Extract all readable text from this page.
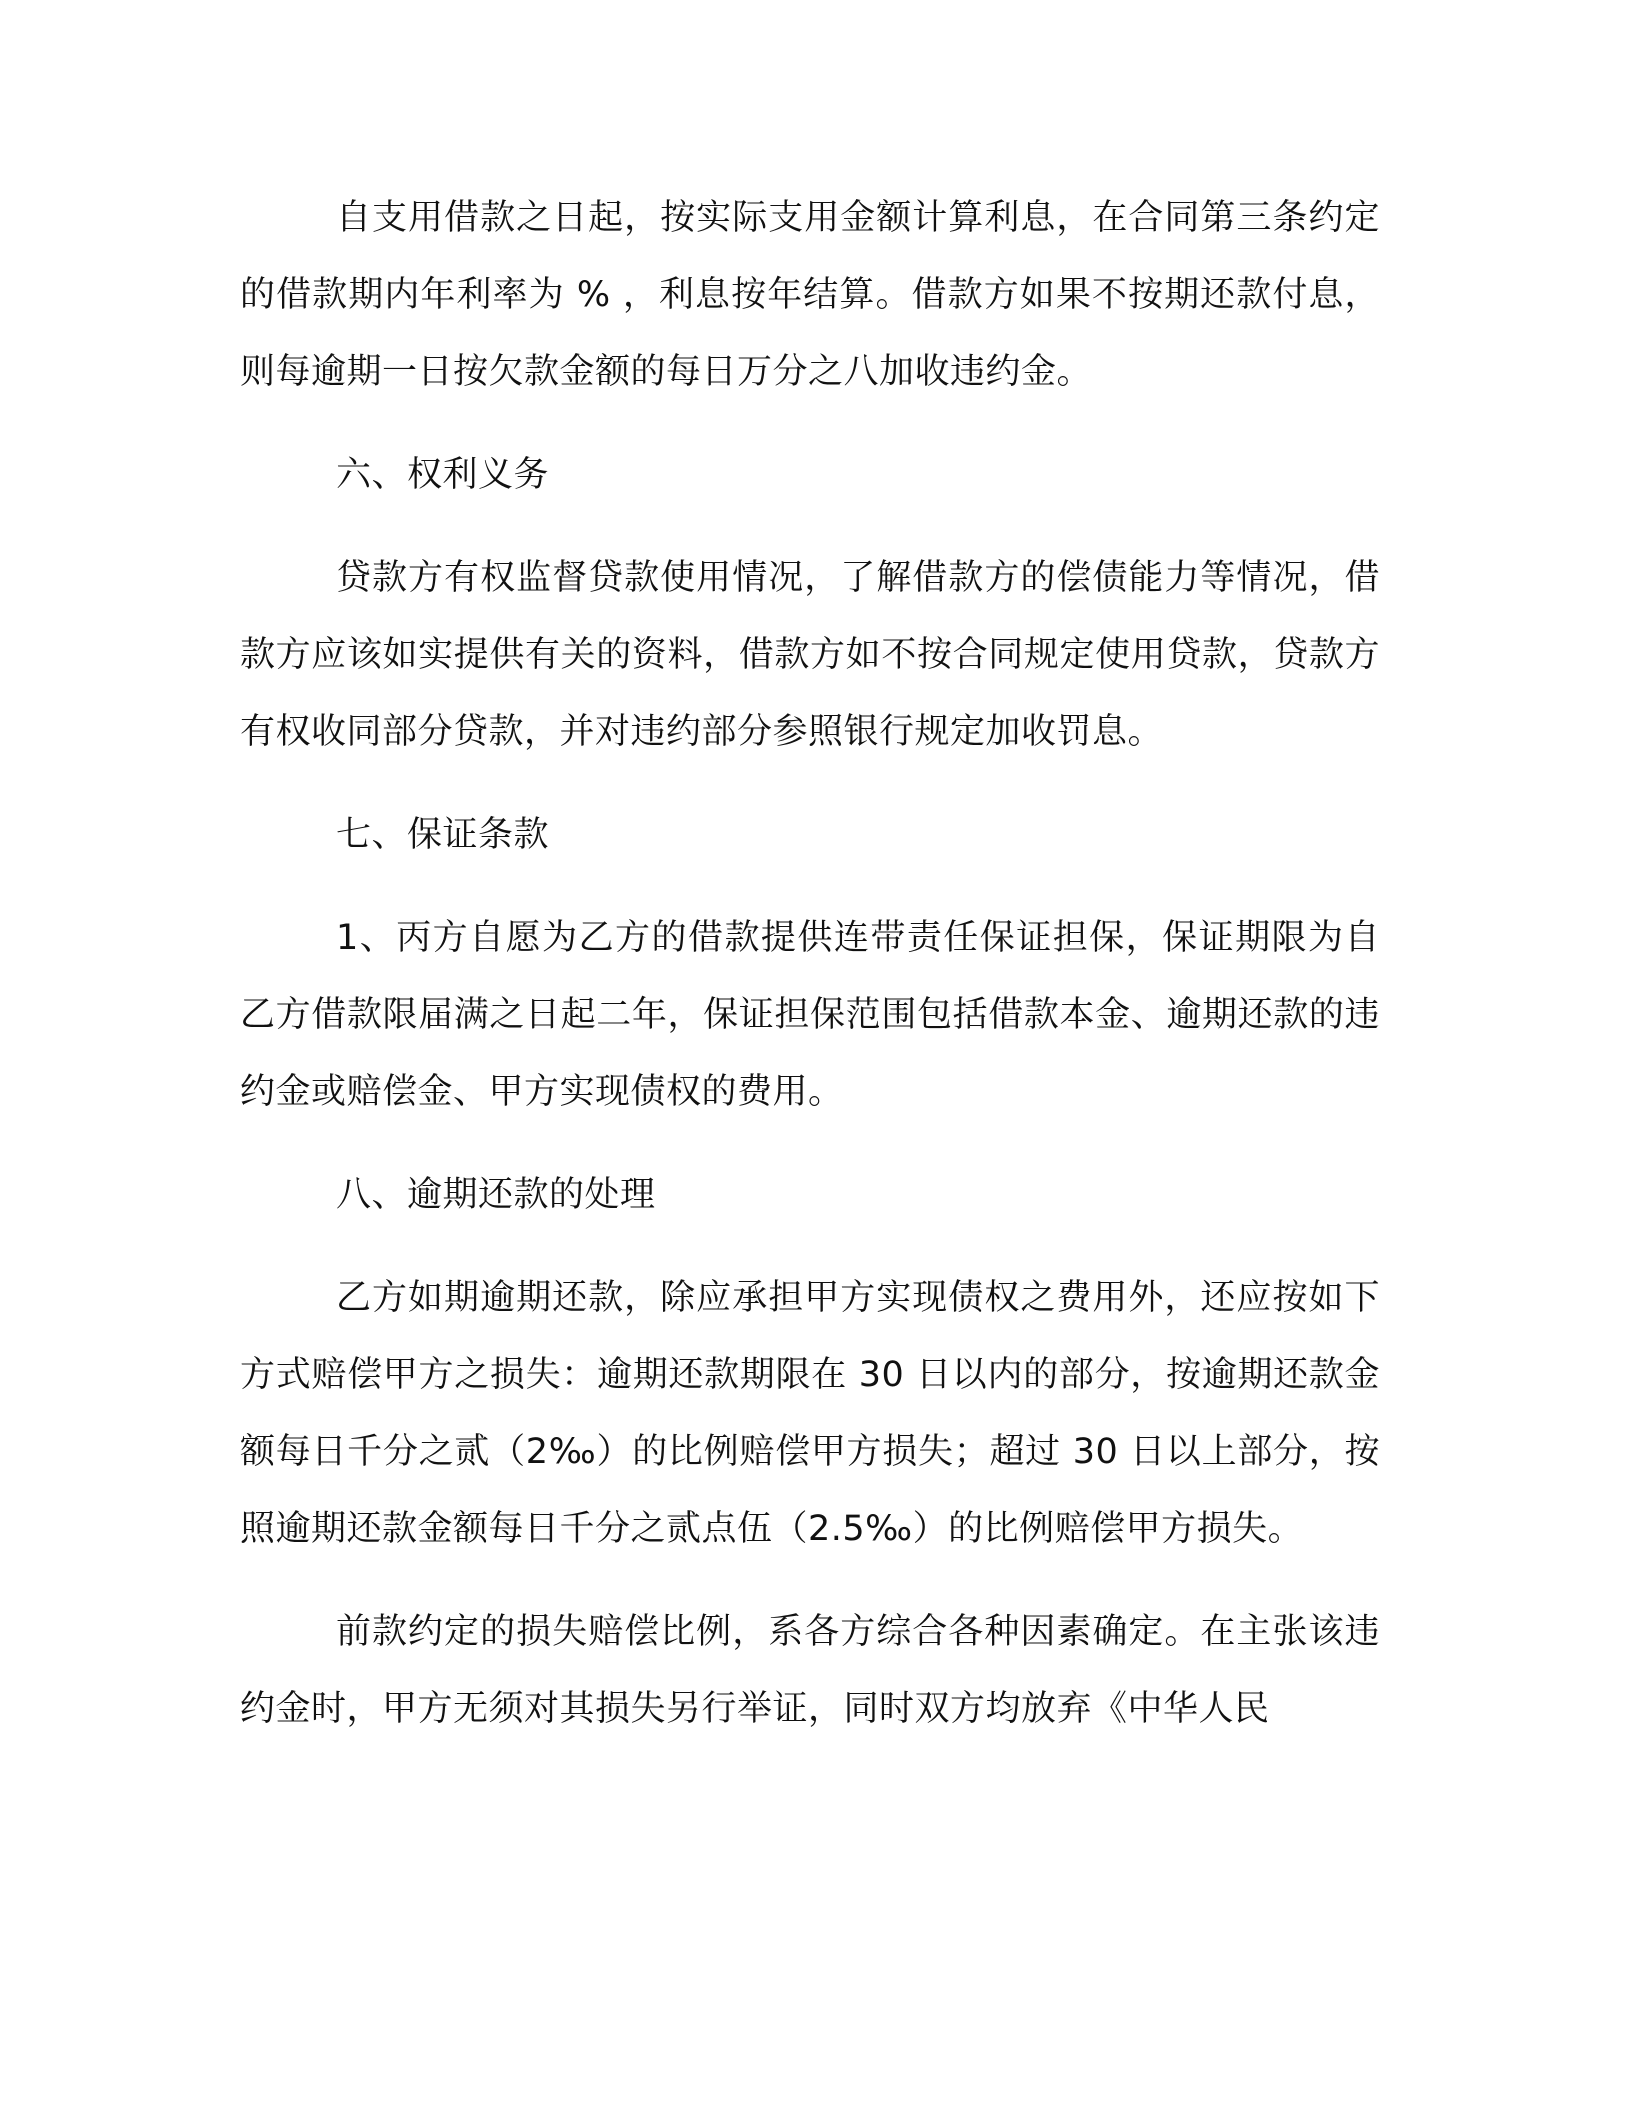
自支用借款之日起，按实际支用金额计算利息，在合同第三条约定的借款期内年利率为 % ，利息按年结算。借款方如果不按期还款付息，则每逾期一日按欠款金额的每日万分之八加收违约金。

六、权利义务

贷款方有权监督贷款使用情况，了解借款方的偿债能力等情况，借款方应该如实提供有关的资料，借款方如不按合同规定使用贷款，贷款方有权收同部分贷款，并对违约部分参照银行规定加收罚息。

七、保证条款

1、丙方自愿为乙方的借款提供连带责任保证担保，保证期限为自乙方借款限届满之日起二年，保证担保范围包括借款本金、逾期还款的违约金或赔偿金、甲方实现债权的费用。

八、逾期还款的处理

乙方如期逾期还款，除应承担甲方实现债权之费用外，还应按如下方式赔偿甲方之损失：逾期还款期限在 30 日以内的部分，按逾期还款金额每日千分之贰（2‰）的比例赔偿甲方损失；超过 30 日以上部分，按照逾期还款金额每日千分之贰点伍（2.5‰）的比例赔偿甲方损失。

前款约定的损失赔偿比例，系各方综合各种因素确定。在主张该违约金时，甲方无须对其损失另行举证，同时双方均放弃《中华人民
